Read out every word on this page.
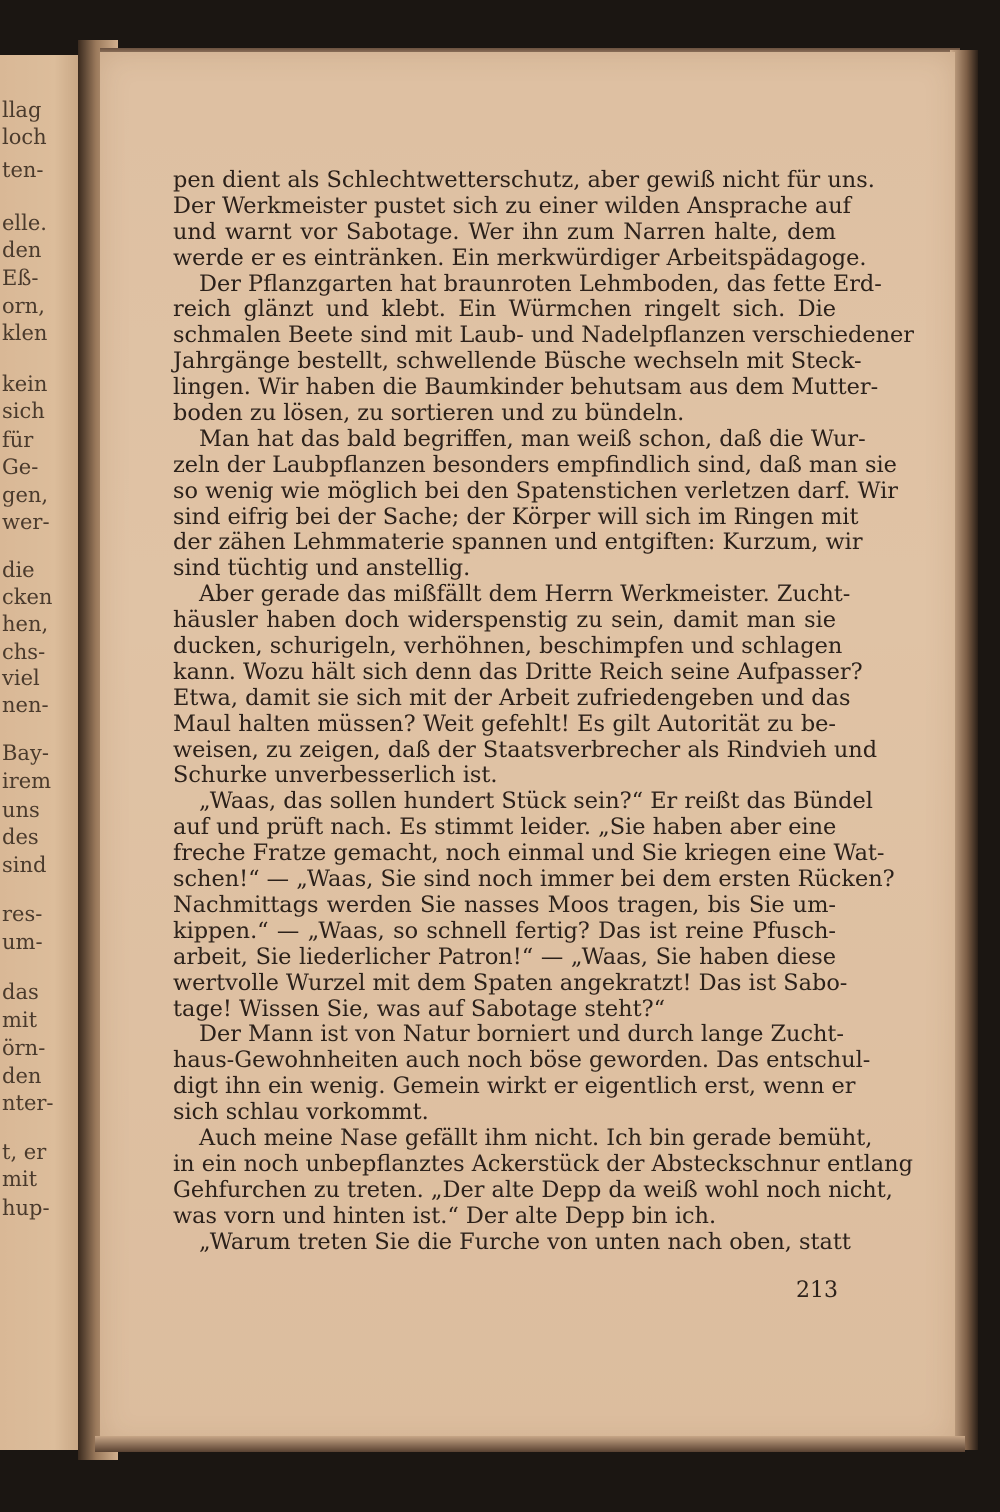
llag
loch
ten-
elle.
den
Eß-
orn,
klen
kein
sich
für
Ge-
gen,
wer-
die
cken
hen,
chs-
viel
nen-
Bay-
irem
uns
des
sind
res-
um-
das
mit
örn-
den
nter-
t, er
mit
hup-
pen dient als Schlechtwetterschutz, aber gewiß nicht für uns.
Der Werkmeister pustet sich zu einer wilden Ansprache auf
und warnt vor Sabotage. Wer ihn zum Narren halte, dem
werde er es eintränken. Ein merkwürdiger Arbeitspädagoge.
Der Pflanzgarten hat braunroten Lehmboden, das fette Erd-
reich glänzt und klebt. Ein Würmchen ringelt sich. Die
schmalen Beete sind mit Laub- und Nadelpflanzen verschiedener
Jahrgänge bestellt, schwellende Büsche wechseln mit Steck-
lingen. Wir haben die Baumkinder behutsam aus dem Mutter-
boden zu lösen, zu sortieren und zu bündeln.
Man hat das bald begriffen, man weiß schon, daß die Wur-
zeln der Laubpflanzen besonders empfindlich sind, daß man sie
so wenig wie möglich bei den Spatenstichen verletzen darf. Wir
sind eifrig bei der Sache; der Körper will sich im Ringen mit
der zähen Lehmmaterie spannen und entgiften: Kurzum, wir
sind tüchtig und anstellig.
Aber gerade das mißfällt dem Herrn Werkmeister. Zucht-
häusler haben doch widerspenstig zu sein, damit man sie
ducken, schurigeln, verhöhnen, beschimpfen und schlagen
kann. Wozu hält sich denn das Dritte Reich seine Aufpasser?
Etwa, damit sie sich mit der Arbeit zufriedengeben und das
Maul halten müssen? Weit gefehlt! Es gilt Autorität zu be-
weisen, zu zeigen, daß der Staatsverbrecher als Rindvieh und
Schurke unverbesserlich ist.
„Waas, das sollen hundert Stück sein?“ Er reißt das Bündel
auf und prüft nach. Es stimmt leider. „Sie haben aber eine
freche Fratze gemacht, noch einmal und Sie kriegen eine Wat-
schen!“ — „Waas, Sie sind noch immer bei dem ersten Rücken?
Nachmittags werden Sie nasses Moos tragen, bis Sie um-
kippen.“ — „Waas, so schnell fertig? Das ist reine Pfusch-
arbeit, Sie liederlicher Patron!“ — „Waas, Sie haben diese
wertvolle Wurzel mit dem Spaten angekratzt! Das ist Sabo-
tage! Wissen Sie, was auf Sabotage steht?“
Der Mann ist von Natur borniert und durch lange Zucht-
haus-Gewohnheiten auch noch böse geworden. Das entschul-
digt ihn ein wenig. Gemein wirkt er eigentlich erst, wenn er
sich schlau vorkommt.
Auch meine Nase gefällt ihm nicht. Ich bin gerade bemüht,
in ein noch unbepflanztes Ackerstück der Absteckschnur entlang
Gehfurchen zu treten. „Der alte Depp da weiß wohl noch nicht,
was vorn und hinten ist.“ Der alte Depp bin ich.
„Warum treten Sie die Furche von unten nach oben, statt
213
